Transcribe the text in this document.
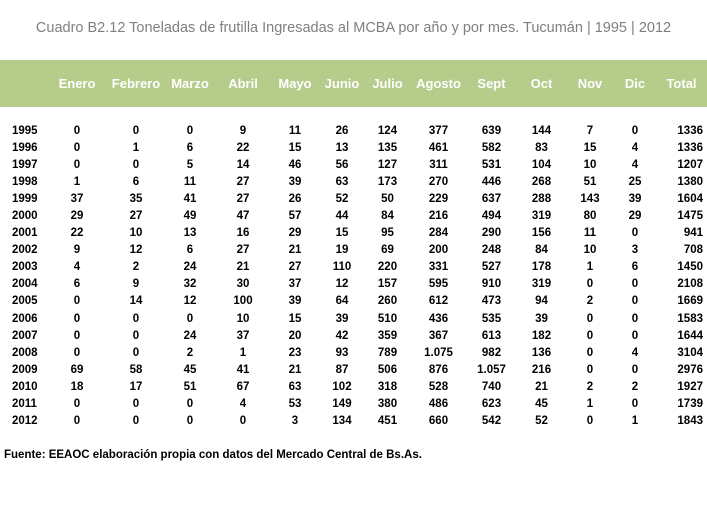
Cuadro B2.12 Toneladas de frutilla Ingresadas al MCBA por año y por mes. Tucumán | 1995 | 2012
	Enero	Febrero	Marzo	Abril	Mayo	Junio	Julio	Agosto	Sept	Oct	Nov	Dic	Total

1995	0	0	0	9	11	26	124	377	639	144	7	0	1336
1996	0	1	6	22	15	13	135	461	582	83	15	4	1336
1997	0	0	5	14	46	56	127	311	531	104	10	4	1207
1998	1	6	11	27	39	63	173	270	446	268	51	25	1380
1999	37	35	41	27	26	52	50	229	637	288	143	39	1604
2000	29	27	49	47	57	44	84	216	494	319	80	29	1475
2001	22	10	13	16	29	15	95	284	290	156	11	0	941
2002	9	12	6	27	21	19	69	200	248	84	10	3	708
2003	4	2	24	21	27	110	220	331	527	178	1	6	1450
2004	6	9	32	30	37	12	157	595	910	319	0	0	2108
2005	0	14	12	100	39	64	260	612	473	94	2	0	1669
2006	0	0	0	10	15	39	510	436	535	39	0	0	1583
2007	0	0	24	37	20	42	359	367	613	182	0	0	1644
2008	0	0	2	1	23	93	789	1.075	982	136	0	4	3104
2009	69	58	45	41	21	87	506	876	1.057	216	0	0	2976
2010	18	17	51	67	63	102	318	528	740	21	2	2	1927
2011	0	0	0	4	53	149	380	486	623	45	1	0	1739
2012	0	0	0	0	3	134	451	660	542	52	0	1	1843
Fuente: EEAOC elaboración propia con datos del Mercado Central de Bs.As.
